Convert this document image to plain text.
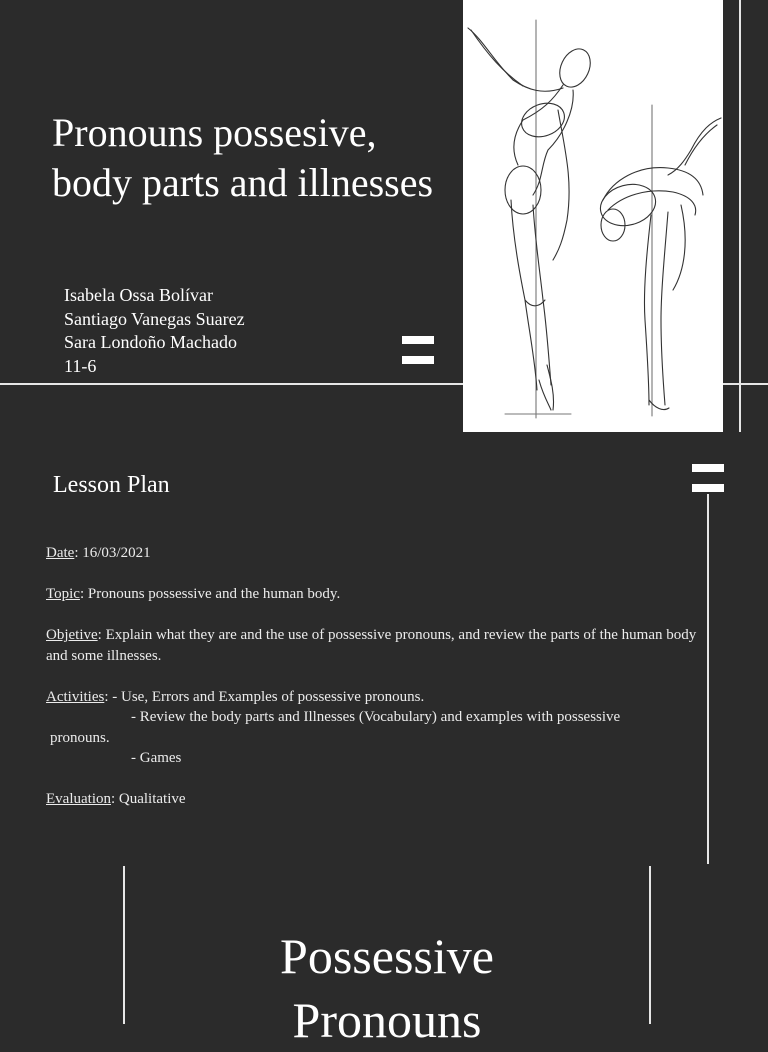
Pronouns possesive, body parts and illnesses
Isabela Ossa Bolívar
Santiago Vanegas Suarez
Sara Londoño Machado
11-6
Lesson Plan

Date: 16/03/2021

Topic: Pronouns possessive and the human body.

Objetive: Explain what they are and the use of possessive pronouns, and review the parts of the human body and some illnesses.

Activities: - Use, Errors and Examples of possessive pronouns.
- Review the body parts and Illnesses (Vocabulary) and examples with possessive
pronouns.
- Games

Evaluation: Qualitative

Possessive
Pronouns
